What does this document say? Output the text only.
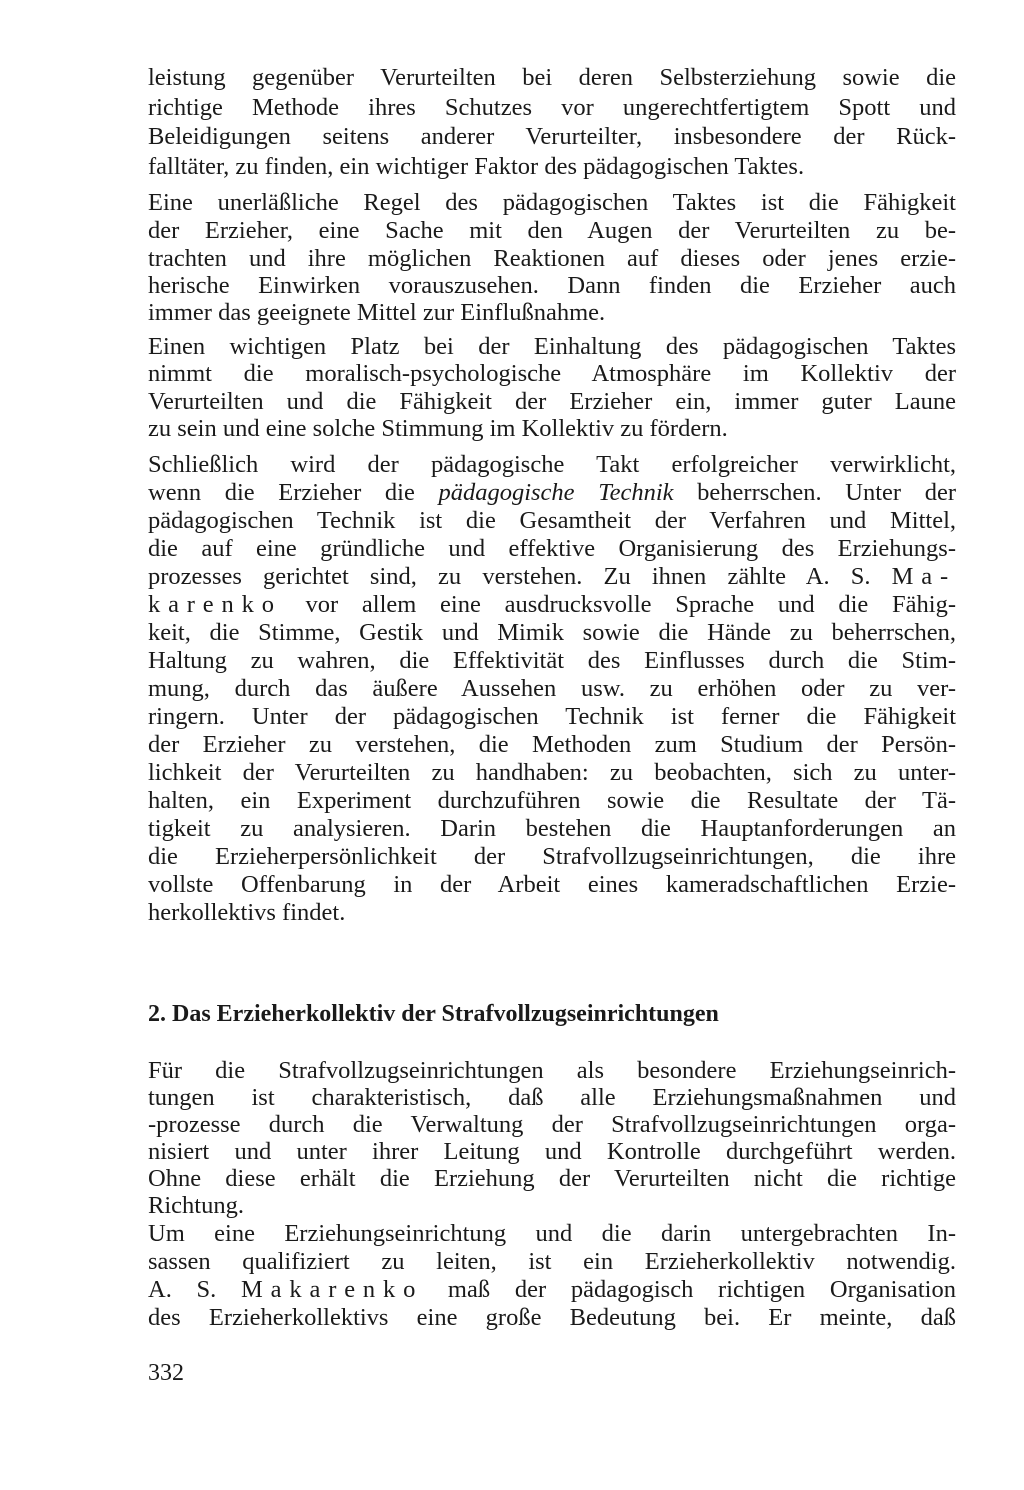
leistung gegenüber Verurteilten bei deren Selbsterziehung sowie die
richtige Methode ihres Schutzes vor ungerechtfertigtem Spott und
Beleidigungen seitens anderer Verurteilter, insbesondere der Rück-
falltäter, zu finden, ein wichtiger Faktor des pädagogischen Taktes.
Eine unerläßliche Regel des pädagogischen Taktes ist die Fähigkeit
der Erzieher, eine Sache mit den Augen der Verurteilten zu be-
trachten und ihre möglichen Reaktionen auf dieses oder jenes erzie-
herische Einwirken vorauszusehen. Dann finden die Erzieher auch
immer das geeignete Mittel zur Einflußnahme.
Einen wichtigen Platz bei der Einhaltung des pädagogischen Taktes
nimmt die moralisch-psychologische Atmosphäre im Kollektiv der
Verurteilten und die Fähigkeit der Erzieher ein, immer guter Laune
zu sein und eine solche Stimmung im Kollektiv zu fördern.
Schließlich wird der pädagogische Takt erfolgreicher verwirklicht,
wenn die Erzieher die pädagogische Technik beherrschen. Unter der
pädagogischen Technik ist die Gesamtheit der Verfahren und Mittel,
die auf eine gründliche und effektive Organisierung des Erziehungs-
prozesses gerichtet sind, zu verstehen. Zu ihnen zählte A. S. Ma-
karenko vor allem eine ausdrucksvolle Sprache und die Fähig-
keit, die Stimme, Gestik und Mimik sowie die Hände zu beherrschen,
Haltung zu wahren, die Effektivität des Einflusses durch die Stim-
mung, durch das äußere Aussehen usw. zu erhöhen oder zu ver-
ringern. Unter der pädagogischen Technik ist ferner die Fähigkeit
der Erzieher zu verstehen, die Methoden zum Studium der Persön-
lichkeit der Verurteilten zu handhaben: zu beobachten, sich zu unter-
halten, ein Experiment durchzuführen sowie die Resultate der Tä-
tigkeit zu analysieren. Darin bestehen die Hauptanforderungen an
die Erzieherpersönlichkeit der Strafvollzugseinrichtungen, die ihre
vollste Offenbarung in der Arbeit eines kameradschaftlichen Erzie-
herkollektivs findet.
2. Das Erzieherkollektiv der Strafvollzugseinrichtungen
Für die Strafvollzugseinrichtungen als besondere Erziehungseinrich-
tungen ist charakteristisch, daß alle Erziehungsmaßnahmen und
-prozesse durch die Verwaltung der Strafvollzugseinrichtungen orga-
nisiert und unter ihrer Leitung und Kontrolle durchgeführt werden.
Ohne diese erhält die Erziehung der Verurteilten nicht die richtige
Richtung.
Um eine Erziehungseinrichtung und die darin untergebrachten In-
sassen qualifiziert zu leiten, ist ein Erzieherkollektiv notwendig.
A. S. Makarenko maß der pädagogisch richtigen Organisation
des Erzieherkollektivs eine große Bedeutung bei. Er meinte, daß
332
